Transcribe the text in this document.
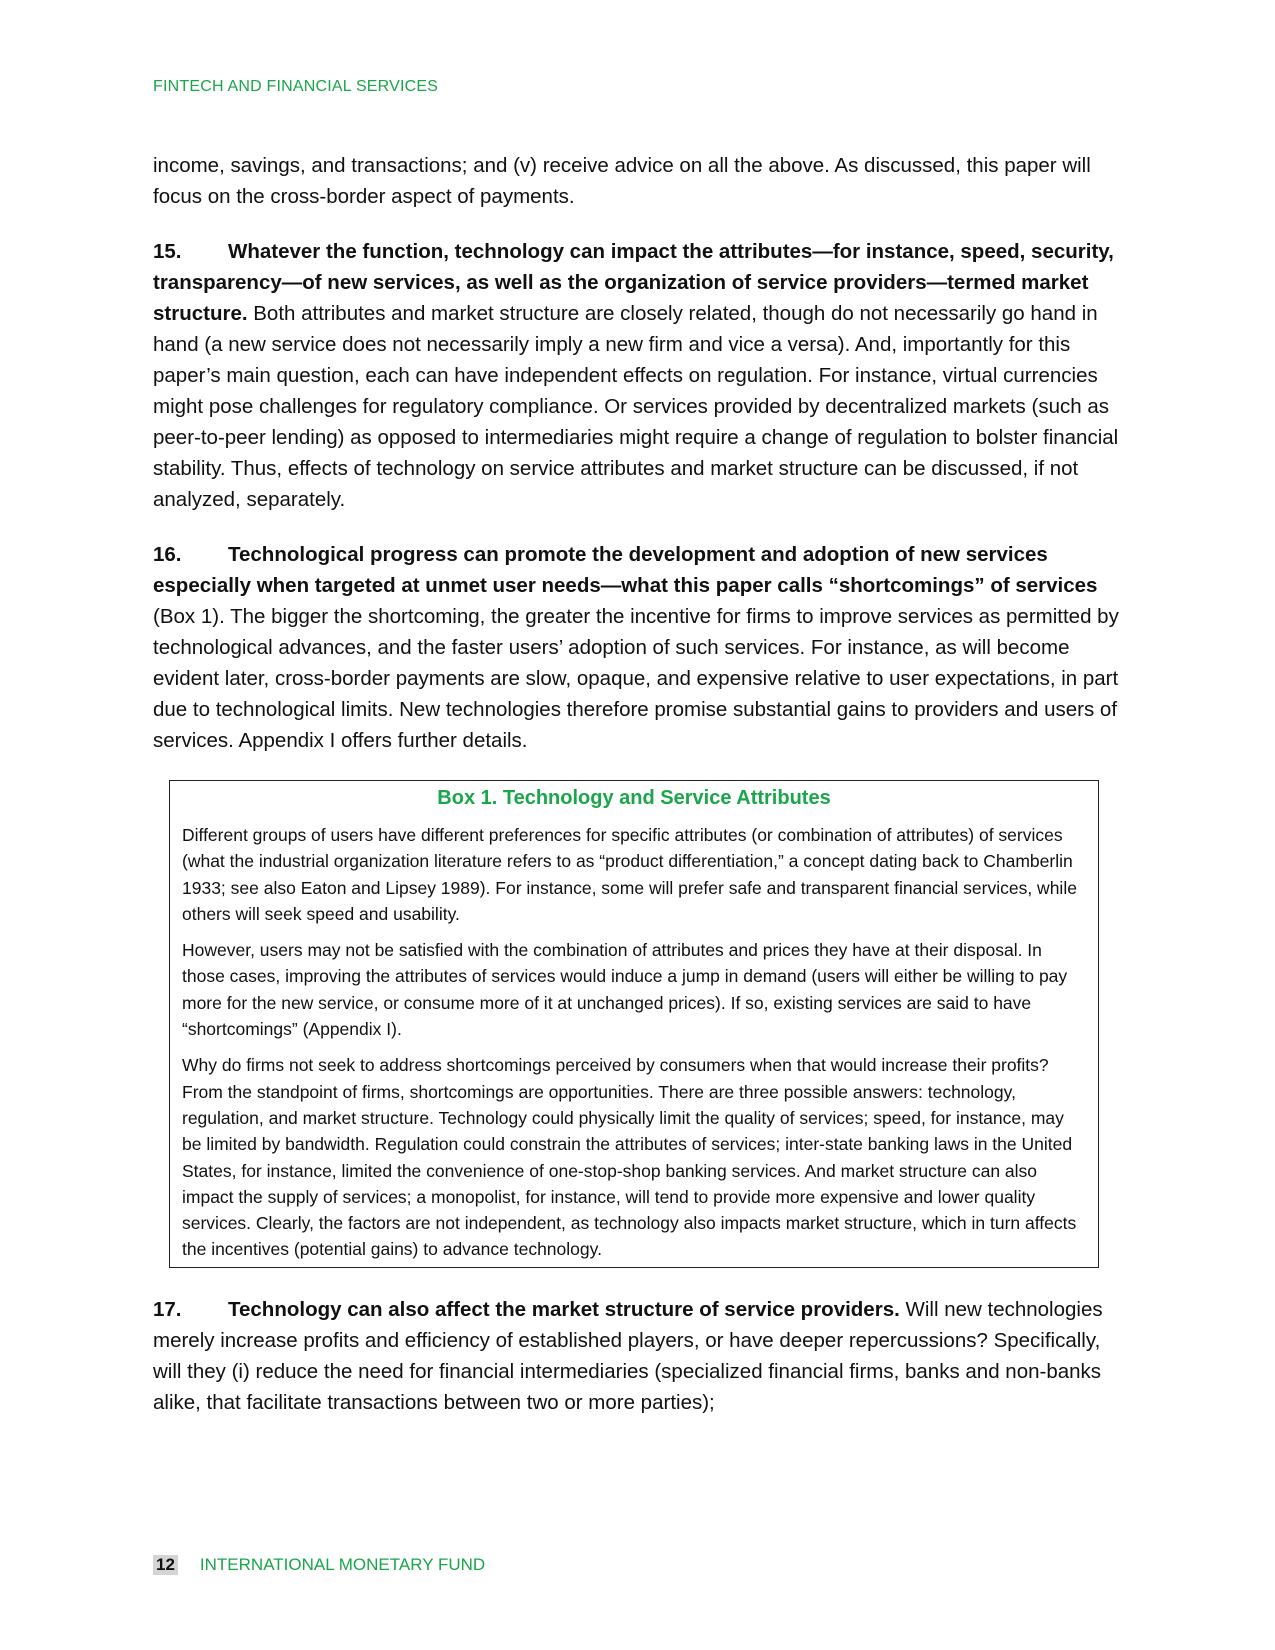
FINTECH AND FINANCIAL SERVICES

income, savings, and transactions; and (v) receive advice on all the above. As discussed, this paper will focus on the cross-border aspect of payments.

15. Whatever the function, technology can impact the attributes—for instance, speed, security, transparency—of new services, as well as the organization of service providers—termed market structure. Both attributes and market structure are closely related, though do not necessarily go hand in hand (a new service does not necessarily imply a new firm and vice a versa). And, importantly for this paper’s main question, each can have independent effects on regulation. For instance, virtual currencies might pose challenges for regulatory compliance. Or services provided by decentralized markets (such as peer-to-peer lending) as opposed to intermediaries might require a change of regulation to bolster financial stability. Thus, effects of technology on service attributes and market structure can be discussed, if not analyzed, separately.

16. Technological progress can promote the development and adoption of new services especially when targeted at unmet user needs—what this paper calls “shortcomings” of services (Box 1). The bigger the shortcoming, the greater the incentive for firms to improve services as permitted by technological advances, and the faster users’ adoption of such services. For instance, as will become evident later, cross-border payments are slow, opaque, and expensive relative to user expectations, in part due to technological limits. New technologies therefore promise substantial gains to providers and users of services. Appendix I offers further details.

Box 1. Technology and Service Attributes

Different groups of users have different preferences for specific attributes (or combination of attributes) of services (what the industrial organization literature refers to as “product differentiation,” a concept dating back to Chamberlin 1933; see also Eaton and Lipsey 1989). For instance, some will prefer safe and transparent financial services, while others will seek speed and usability.

However, users may not be satisfied with the combination of attributes and prices they have at their disposal. In those cases, improving the attributes of services would induce a jump in demand (users will either be willing to pay more for the new service, or consume more of it at unchanged prices). If so, existing services are said to have “shortcomings” (Appendix I).

Why do firms not seek to address shortcomings perceived by consumers when that would increase their profits? From the standpoint of firms, shortcomings are opportunities. There are three possible answers: technology, regulation, and market structure. Technology could physically limit the quality of services; speed, for instance, may be limited by bandwidth. Regulation could constrain the attributes of services; inter-state banking laws in the United States, for instance, limited the convenience of one-stop-shop banking services. And market structure can also impact the supply of services; a monopolist, for instance, will tend to provide more expensive and lower quality services. Clearly, the factors are not independent, as technology also impacts market structure, which in turn affects the incentives (potential gains) to advance technology.

17. Technology can also affect the market structure of service providers. Will new technologies merely increase profits and efficiency of established players, or have deeper repercussions? Specifically, will they (i) reduce the need for financial intermediaries (specialized financial firms, banks and non-banks alike, that facilitate transactions between two or more parties);

12 INTERNATIONAL MONETARY FUND
